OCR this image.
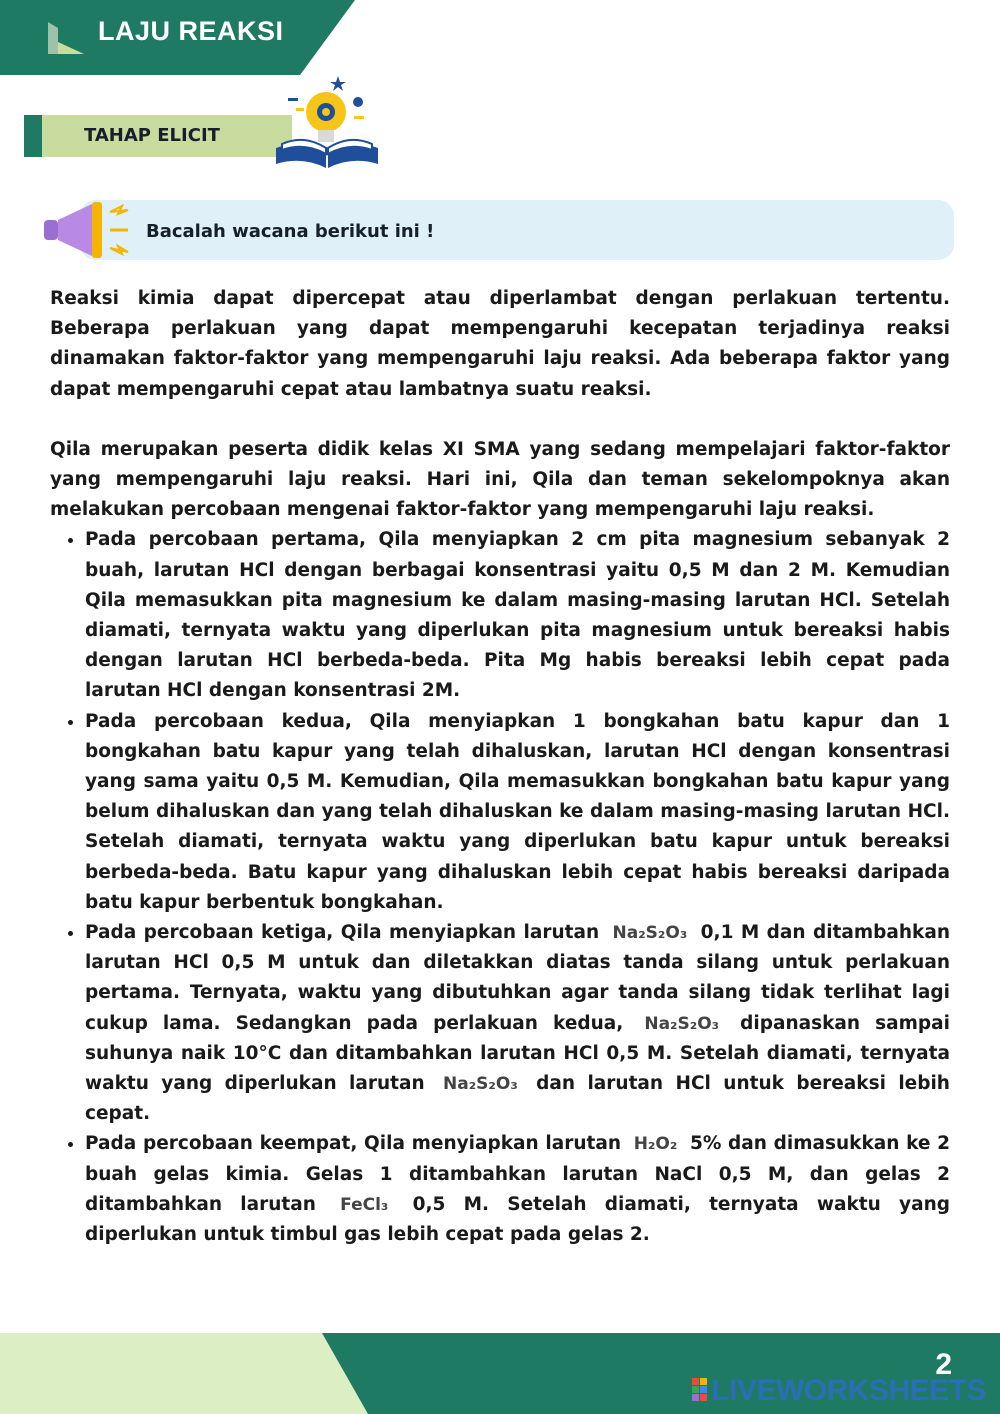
LAJU REAKSI
TAHAP ELICIT
Bacalah wacana berikut ini !

Reaksi kimia dapat dipercepat atau diperlambat dengan perlakuan tertentu. Beberapa perlakuan yang dapat mempengaruhi kecepatan terjadinya reaksi dinamakan faktor-faktor yang mempengaruhi laju reaksi. Ada beberapa faktor yang dapat mempengaruhi cepat atau lambatnya suatu reaksi.

Qila merupakan peserta didik kelas XI SMA yang sedang mempelajari faktor-faktor yang mempengaruhi laju reaksi. Hari ini, Qila dan teman sekelompoknya akan melakukan percobaan mengenai faktor-faktor yang mempengaruhi laju reaksi.

• Pada percobaan pertama, Qila menyiapkan 2 cm pita magnesium sebanyak 2 buah, larutan HCl dengan berbagai konsentrasi yaitu 0,5 M dan 2 M. Kemudian Qila memasukkan pita magnesium ke dalam masing-masing larutan HCl. Setelah diamati, ternyata waktu yang diperlukan pita magnesium untuk bereaksi habis dengan larutan HCl berbeda-beda. Pita Mg habis bereaksi lebih cepat pada larutan HCl dengan konsentrasi 2M.
• Pada percobaan kedua, Qila menyiapkan 1 bongkahan batu kapur dan 1 bongkahan batu kapur yang telah dihaluskan, larutan HCl dengan konsentrasi yang sama yaitu 0,5 M. Kemudian, Qila memasukkan bongkahan batu kapur yang belum dihaluskan dan yang telah dihaluskan ke dalam masing-masing larutan HCl. Setelah diamati, ternyata waktu yang diperlukan batu kapur untuk bereaksi berbeda-beda. Batu kapur yang dihaluskan lebih cepat habis bereaksi daripada batu kapur berbentuk bongkahan.
• Pada percobaan ketiga, Qila menyiapkan larutan Na₂S₂O₃ 0,1 M dan ditambahkan larutan HCl 0,5 M untuk dan diletakkan diatas tanda silang untuk perlakuan pertama. Ternyata, waktu yang dibutuhkan agar tanda silang tidak terlihat lagi cukup lama. Sedangkan pada perlakuan kedua, Na₂S₂O₃ dipanaskan sampai suhunya naik 10°C dan ditambahkan larutan HCl 0,5 M. Setelah diamati, ternyata waktu yang diperlukan larutan Na₂S₂O₃ dan larutan HCl untuk bereaksi lebih cepat.
• Pada percobaan keempat, Qila menyiapkan larutan H₂O₂ 5% dan dimasukkan ke 2 buah gelas kimia. Gelas 1 ditambahkan larutan NaCl 0,5 M, dan gelas 2 ditambahkan larutan FeCl₃ 0,5 M. Setelah diamati, ternyata waktu yang diperlukan untuk timbul gas lebih cepat pada gelas 2.
2
LIVEWORKSHEETS
